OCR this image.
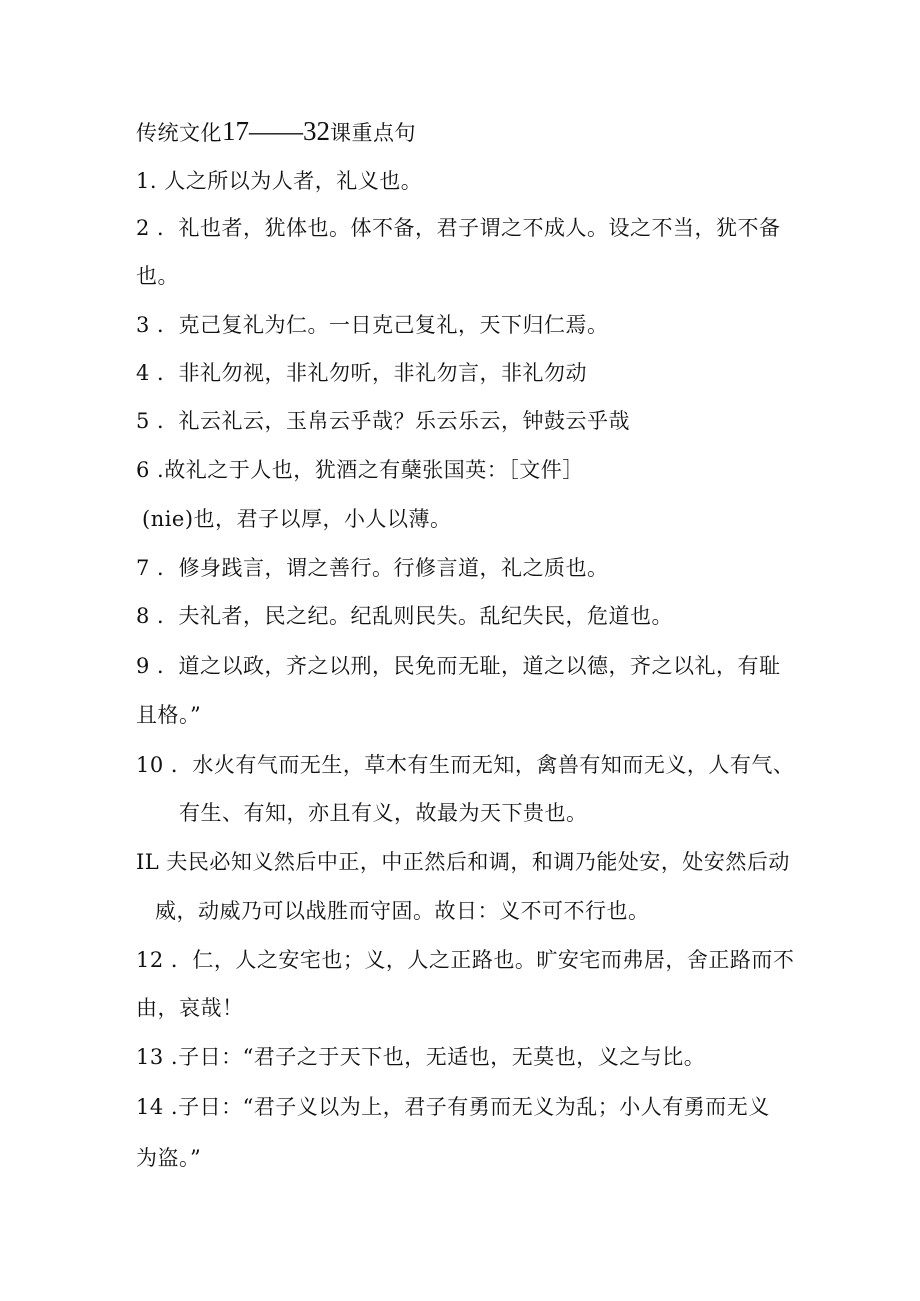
传统文化17——32课重点句
1. 人之所以为人者，礼义也。
2 ．礼也者，犹体也。体不备，君子谓之不成人。设之不当，犹不备
也。
3 ．克己复礼为仁。一日克己复礼，天下归仁焉。
4 ．非礼勿视，非礼勿听，非礼勿言，非礼勿动
5 ．礼云礼云，玉帛云乎哉？乐云乐云，钟鼓云乎哉
6 .故礼之于人也，犹酒之有蘖张国英：［文件］
(nie)也，君子以厚，小人以薄。
7 ．修身践言，谓之善行。行修言道，礼之质也。
8 ．夫礼者，民之纪。纪乱则民失。乱纪失民，危道也。
9 ．道之以政，齐之以刑，民免而无耻，道之以德，齐之以礼，有耻
且格。”
10 ．水火有气而无生，草木有生而无知，禽兽有知而无义，人有气、
有生、有知，亦且有义，故最为天下贵也。
IL 夫民必知义然后中正，中正然后和调，和调乃能处安，处安然后动
威，动威乃可以战胜而守固。故日：义不可不行也。
12 ．仁，人之安宅也；义，人之正路也。旷安宅而弗居，舍正路而不
由，哀哉！
13 .子日：“君子之于天下也，无适也，无莫也，义之与比。
14 .子日：“君子义以为上，君子有勇而无义为乱；小人有勇而无义
为盗。”
